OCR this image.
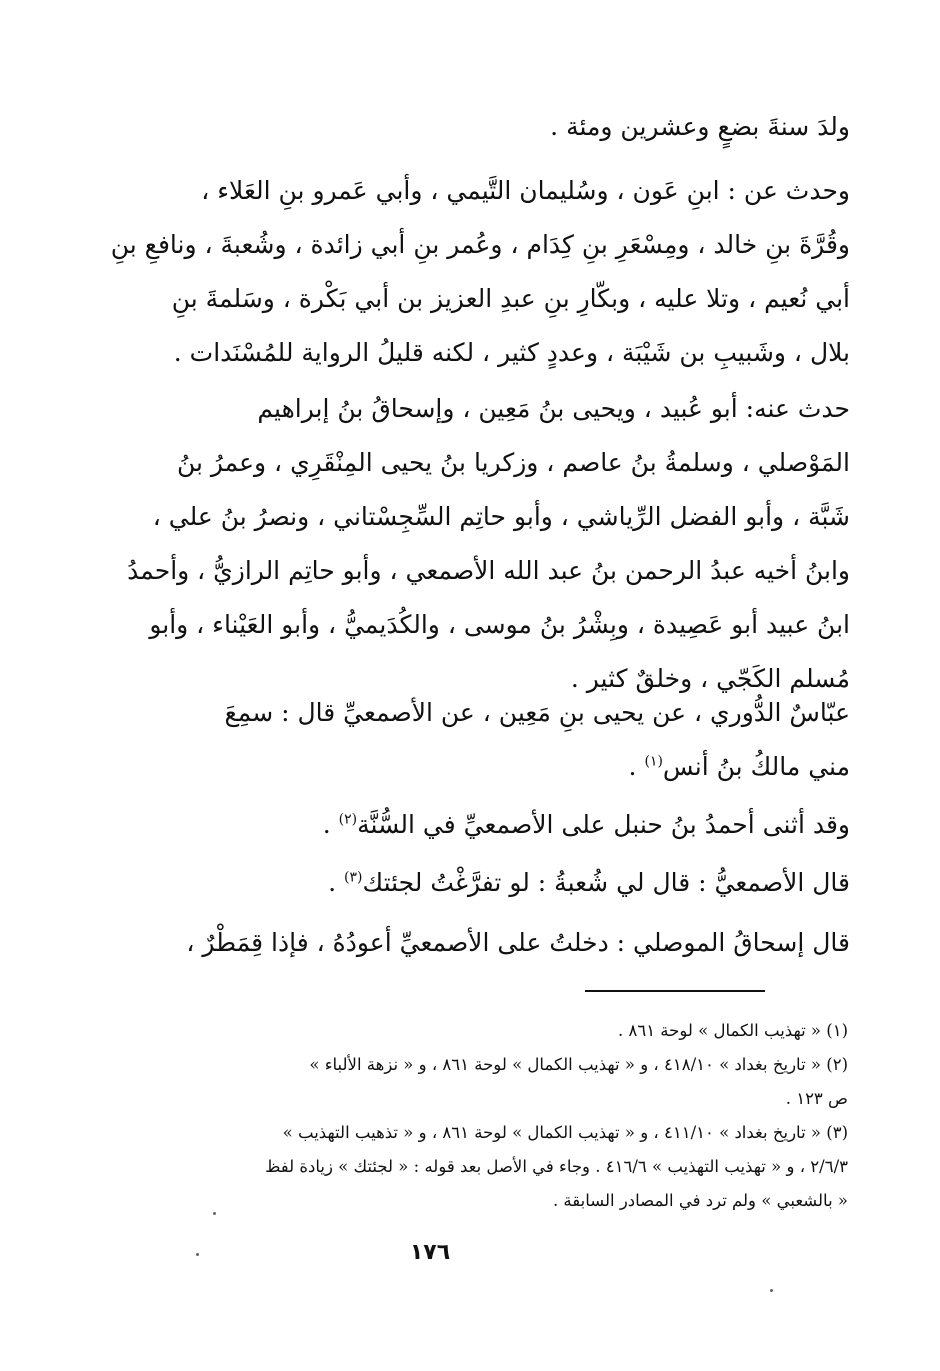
ولدَ سنةَ بضعٍ وعشرين ومئة .
وحدث عن : ابنِ عَون ، وسُليمان التَّيمي ، وأبي عَمرو بنِ العَلاء ،
وقُرَّةَ بنِ خالد ، ومِسْعَرِ بنِ كِدَام ، وعُمر بنِ أبي زائدة ، وشُعبةَ ، ونافعِ بنِ
أبي نُعيم ، وتلا عليه ، وبكّارِ بنِ عبدِ العزيز بن أبي بَكْرة ، وسَلمةَ بنِ
بلال ، وشَبيبِ بن شَيْبَة ، وعددٍ كثير ، لكنه قليلُ الرواية للمُسْنَدات .
حدث عنه: أبو عُبيد ، ويحيى بنُ مَعِين ، وإسحاقُ بنُ إبراهيم
المَوْصلي ، وسلمةُ بنُ عاصم ، وزكريا بنُ يحيى المِنْقَرِي ، وعمرُ بنُ
شَبَّة ، وأبو الفضل الرِّياشي ، وأبو حاتِم السِّجِسْتاني ، ونصرُ بنُ علي ،
وابنُ أخيه عبدُ الرحمن بنُ عبد الله الأصمعي ، وأبو حاتِم الرازيُّ ، وأحمدُ
ابنُ عبيد أبو عَصِيدة ، وبِشْرُ بنُ موسى ، والكُدَيميُّ ، وأبو العَيْناء ، وأبو
مُسلم الكَجّي ، وخلقٌ كثير .
عبّاسٌ الدُّوري ، عن يحيى بنِ مَعِين ، عن الأصمعيِّ قال : سمِعَ
مني مالكُ بنُ أنس$^{(١)}$ .
وقد أثنى أحمدُ بنُ حنبل على الأصمعيِّ في السُّنَّة$^{(٢)}$ .
قال الأصمعيُّ : قال لي شُعبةُ : لو تفرَّغْتُ لجئتك$^{(٣)}$ .
قال إسحاقُ الموصلي : دخلتُ على الأصمعيِّ أعودُهُ ، فإذا قِمَطْرٌ ،

(١) « تهذيب الكمال » لوحة ٨٦١ .

(٢) « تاريخ بغداد » ٤١٨/١٠ ، و « تهذيب الكمال » لوحة ٨٦١ ، و « نزهة الألباء »

ص ١٢٣ .

(٣) « تاريخ بغداد » ٤١١/١٠ ، و « تهذيب الكمال » لوحة ٨٦١ ، و « تذهيب التهذيب »

٢/٦/٣ ، و « تهذيب التهذيب » ٤١٦/٦ . وجاء في الأصل بعد قوله : « لجئتك » زيادة لفظ

« بالشعبي » ولم ترد في المصادر السابقة .

١٧٦
